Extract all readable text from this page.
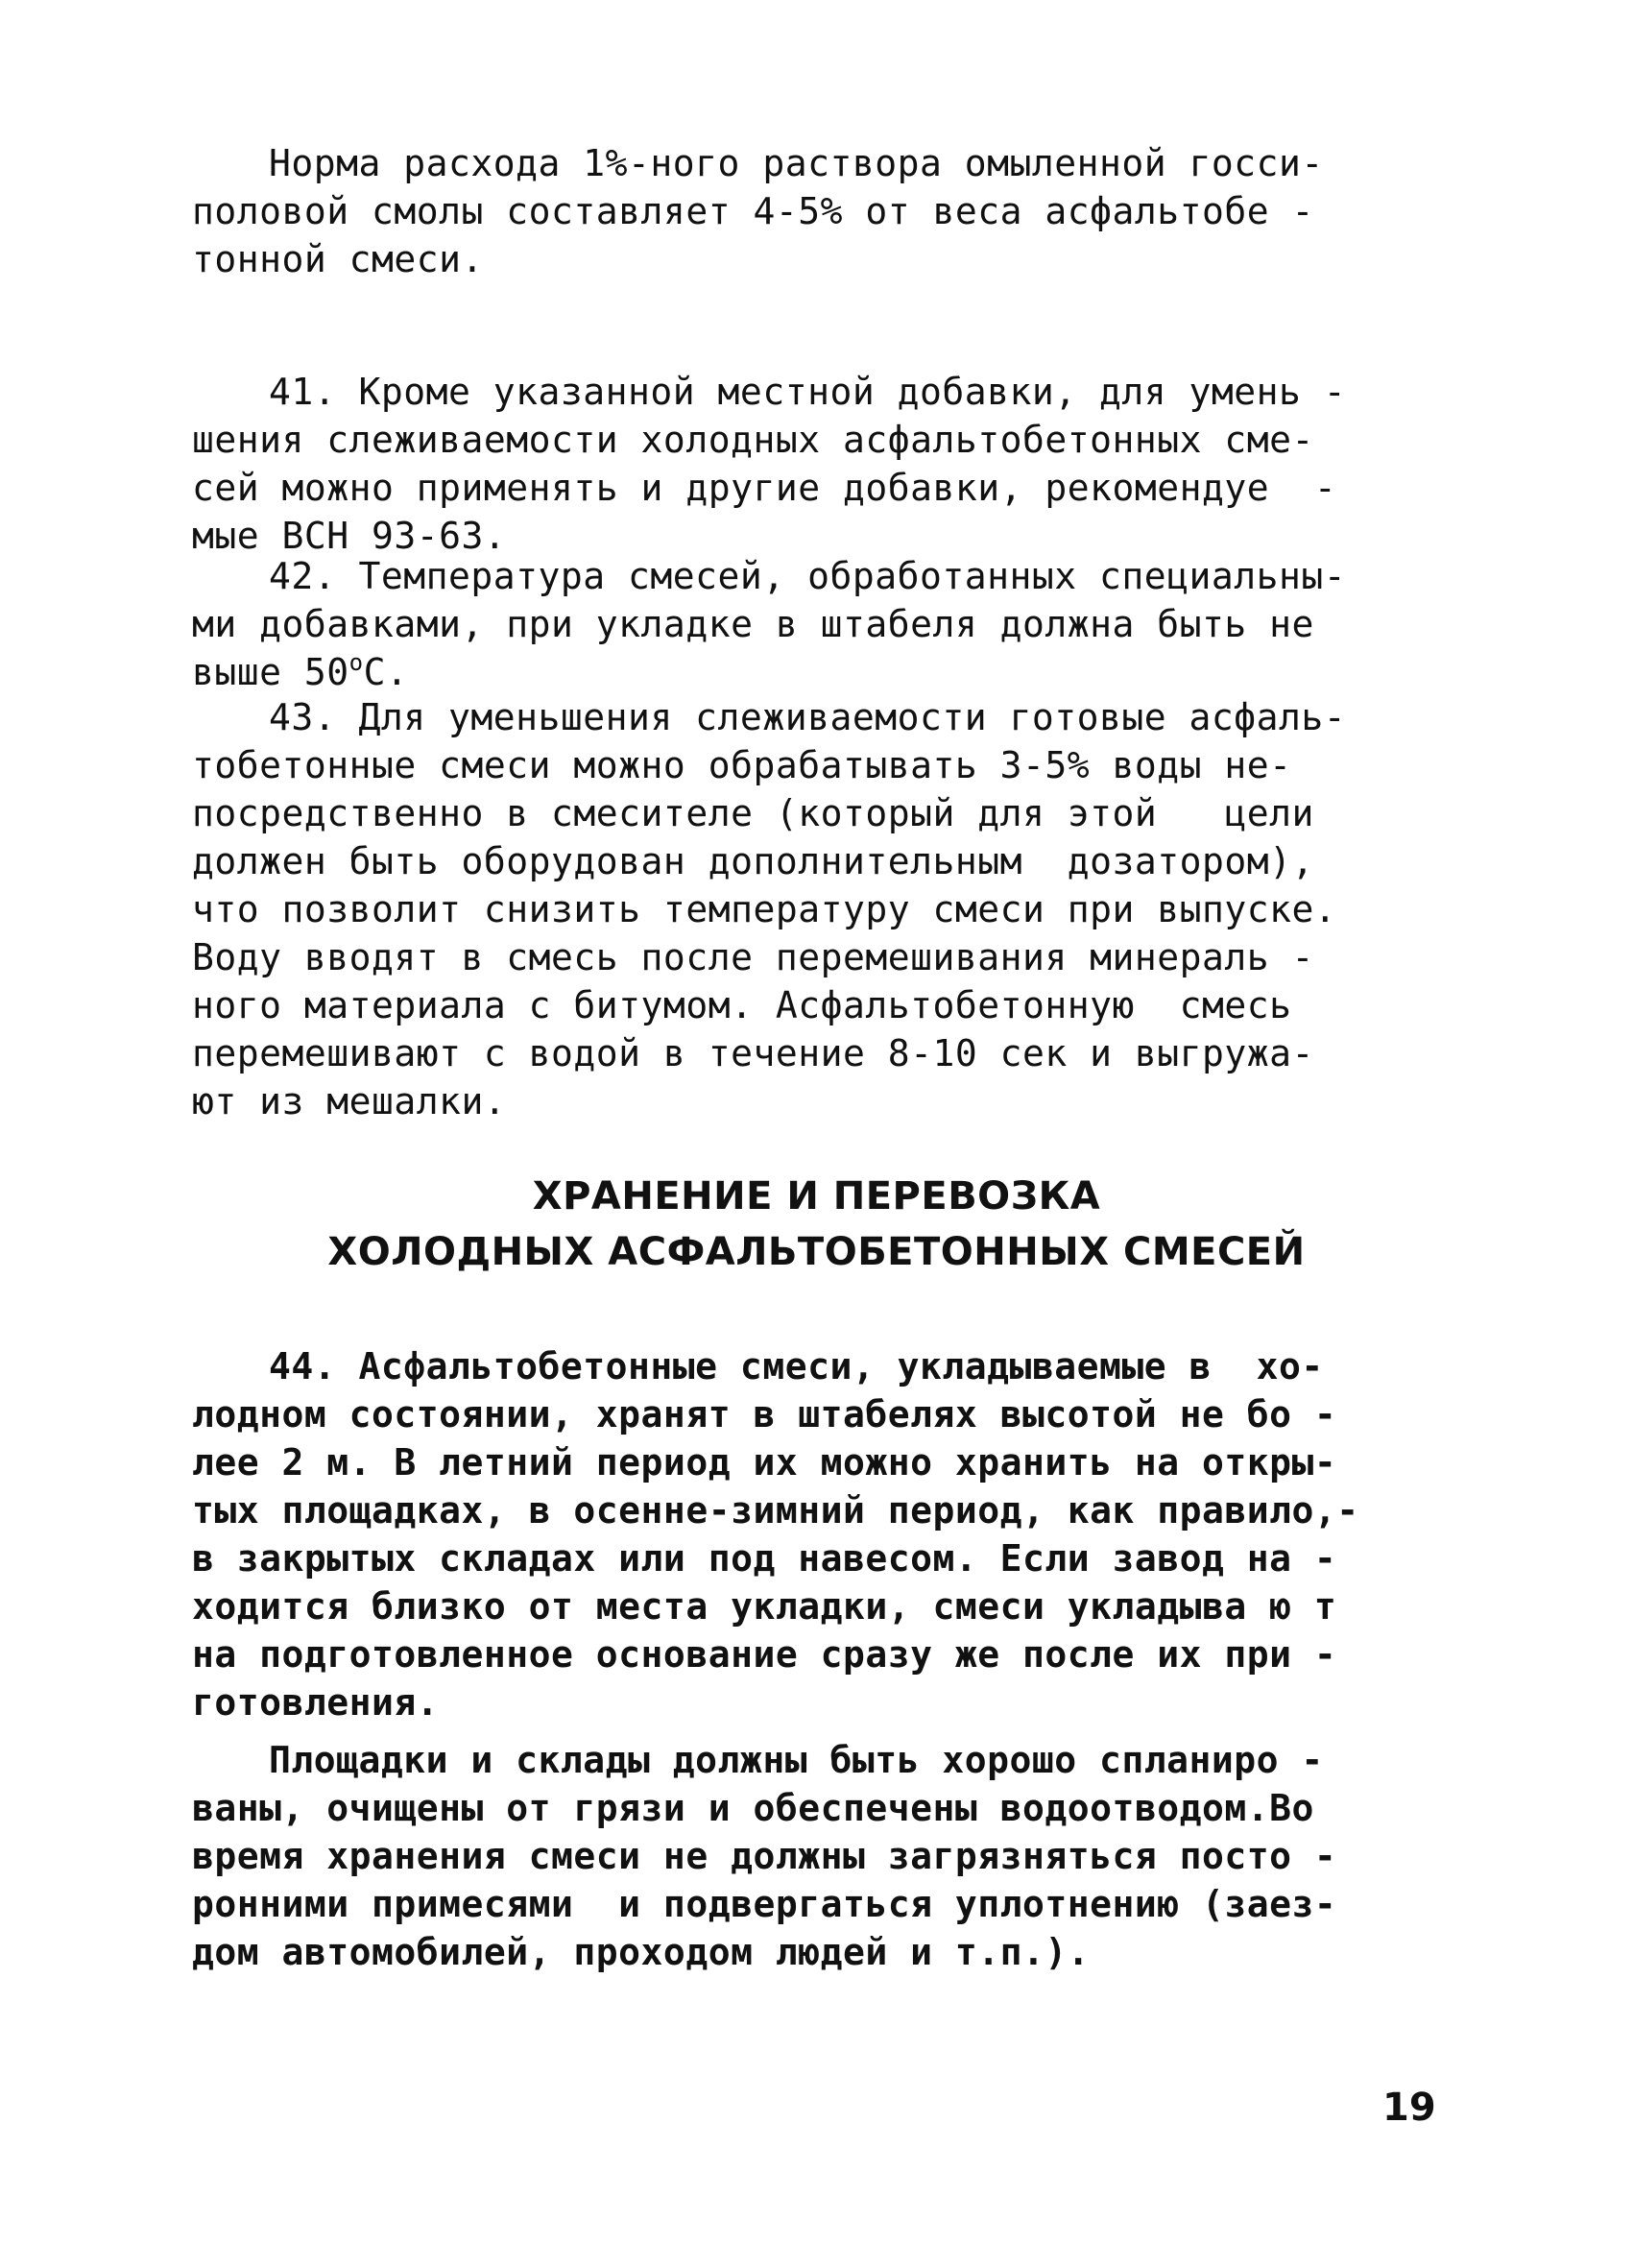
Норма расхода 1%-ного раствора омыленной госси-
половой смолы составляет 4-5% от веса асфальтобе -
тонной смеси.
41. Кроме указанной местной добавки, для умень -
шения слеживаемости холодных асфальтобетонных сме-
сей можно применять и другие добавки, рекомендуе  -
мые ВСН 93-63.
42. Температура смесей, обработанных специальны-
ми добавками, при укладке в штабеля должна быть не
выше $50^оС$.
43. Для уменьшения слеживаемости готовые асфаль-
тобетонные смеси можно обрабатывать 3-5% воды не-
посредственно в смесителе (который для этой   цели
должен быть оборудован дополнительным  дозатором),
что позволит снизить температуру смеси при выпуске.
Воду вводят в смесь после перемешивания минераль -
ного материала с битумом. Асфальтобетонную  смесь
перемешивают с водой в течение 8-10 сек и выгружа-
ют из мешалки.
ХРАНЕНИЕ И ПЕРЕВОЗКА
ХОЛОДНЫХ АСФАЛЬТОБЕТОННЫХ СМЕСЕЙ
44. Асфальтобетонные смеси, укладываемые в  хо-
лодном состоянии, хранят в штабелях высотой не бо -
лее 2 м. В летний период их можно хранить на откры-
тых площадках, в осенне-зимний период, как правило,-
в закрытых складах или под навесом. Если завод на -
ходится близко от места укладки, смеси укладыва ю т
на подготовленное основание сразу же после их при -
готовления.
Площадки и склады должны быть хорошо спланиро -
ваны, очищены от грязи и обеспечены водоотводом.Во
время хранения смеси не должны загрязняться посто -
ронними примесями  и подвергаться уплотнению (заез-
дом автомобилей, проходом людей и т.п.).
19
